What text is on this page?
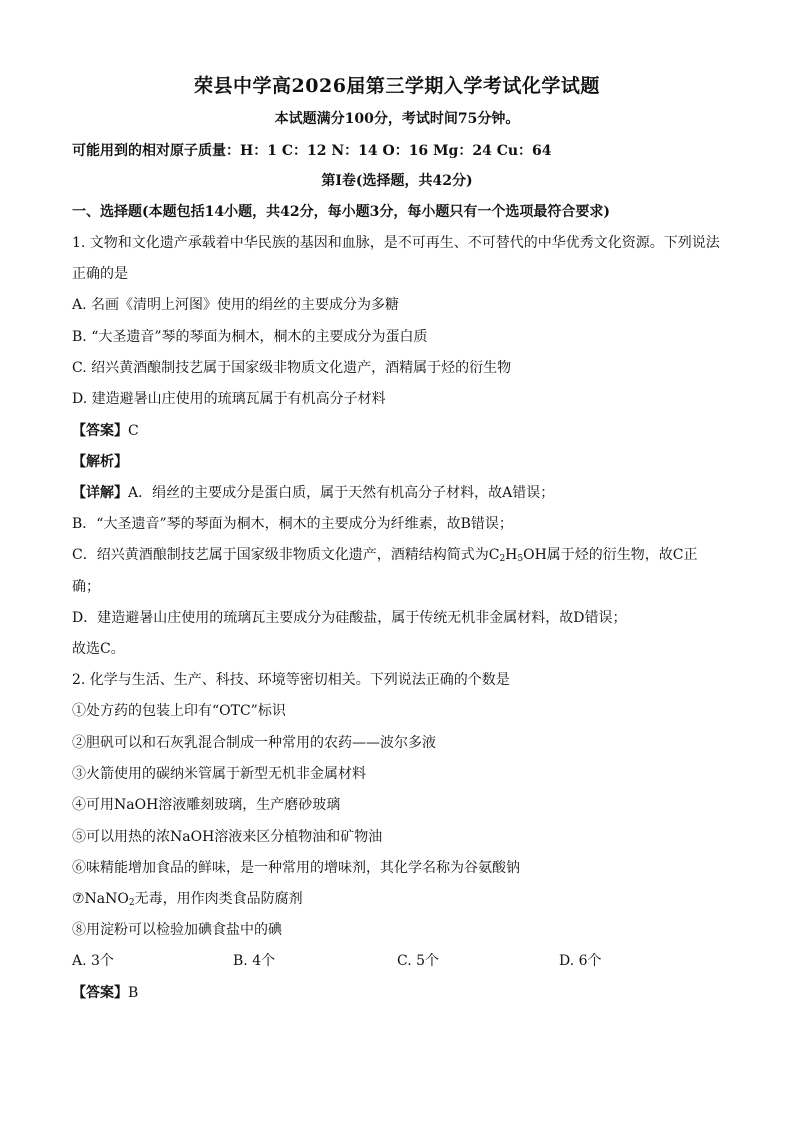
荣县中学高2026届第三学期入学考试化学试题
本试题满分100分，考试时间75分钟。
可能用到的相对原子质量：H：1 C：12 N：14 O：16 Mg：24 Cu：64
第I卷(选择题，共42分)
一、选择题(本题包括14小题，共42分，每小题3分，每小题只有一个选项最符合要求)
1. 文物和文化遗产承载着中华民族的基因和血脉，是不可再生、不可替代的中华优秀文化资源。下列说法
正确的是
A. 名画《清明上河图》使用的绢丝的主要成分为多糖
B. “大圣遗音”琴的琴面为桐木，桐木的主要成分为蛋白质
C. 绍兴黄酒酿制技艺属于国家级非物质文化遗产，酒精属于烃的衍生物
D. 建造避暑山庄使用的琉璃瓦属于有机高分子材料
【答案】C
【解析】
【详解】A．绢丝的主要成分是蛋白质，属于天然有机高分子材料，故A错误；
B．“大圣遗音”琴的琴面为桐木，桐木的主要成分为纤维素，故B错误；
C．绍兴黄酒酿制技艺属于国家级非物质文化遗产，酒精结构简式为$C_2H_5OH$属于烃的衍生物，故C正
确；
D．建造避暑山庄使用的琉璃瓦主要成分为硅酸盐，属于传统无机非金属材料，故D错误；
故选C。
2. 化学与生活、生产、科技、环境等密切相关。下列说法正确的个数是
①处方药的包装上印有“OTC”标识
②胆矾可以和石灰乳混合制成一种常用的农药——波尔多液
③火箭使用的碳纳米管属于新型无机非金属材料
④可用NaOH溶液雕刻玻璃，生产磨砂玻璃
⑤可以用热的浓NaOH溶液来区分植物油和矿物油
⑥味精能增加食品的鲜味，是一种常用的增味剂，其化学名称为谷氨酸钠
⑦NaNO$_2$无毒，用作肉类食品防腐剂
⑧用淀粉可以检验加碘食盐中的碘
A. 3个	B. 4个	C. 5个	D. 6个
【答案】B
